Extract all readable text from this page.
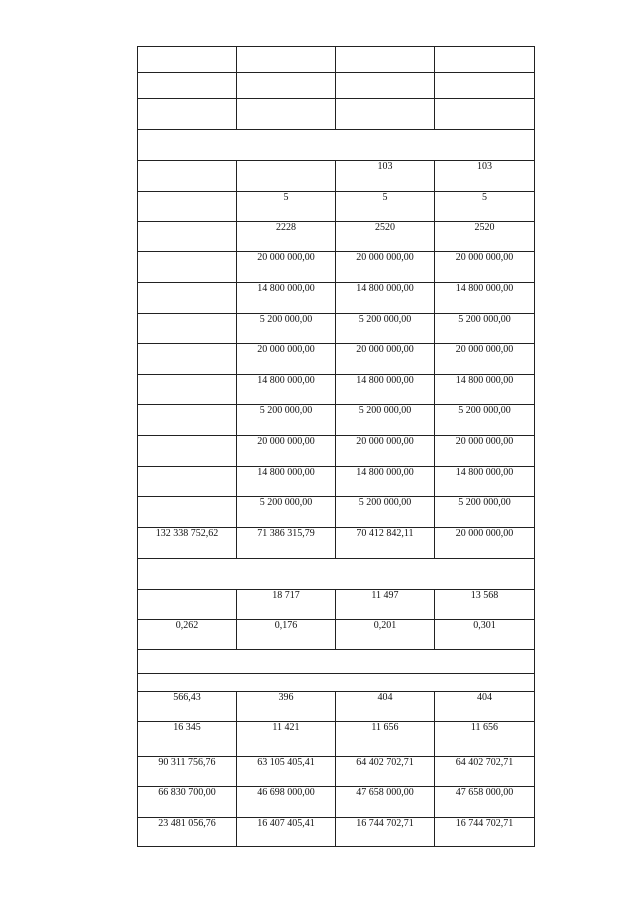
		103	103
	5	5	5
	2228	2520	2520
	20 000 000,00	20 000 000,00	20 000 000,00
	14 800 000,00	14 800 000,00	14 800 000,00
	5 200 000,00	5 200 000,00	5 200 000,00
	20 000 000,00	20 000 000,00	20 000 000,00
	14 800 000,00	14 800 000,00	14 800 000,00
	5 200 000,00	5 200 000,00	5 200 000,00
	20 000 000,00	20 000 000,00	20 000 000,00
	14 800 000,00	14 800 000,00	14 800 000,00
	5 200 000,00	5 200 000,00	5 200 000,00
132 338 752,62	71 386 315,79	70 412 842,11	20 000 000,00

	18 717	11 497	13 568
0,262	0,176	0,201	0,301

566,43	396	404	404
16 345	11 421	11 656	11 656
90 311 756,76	63 105 405,41	64 402 702,71	64 402 702,71
66 830 700,00	46 698 000,00	47 658 000,00	47 658 000,00
23 481 056,76	16 407 405,41	16 744 702,71	16 744 702,71
